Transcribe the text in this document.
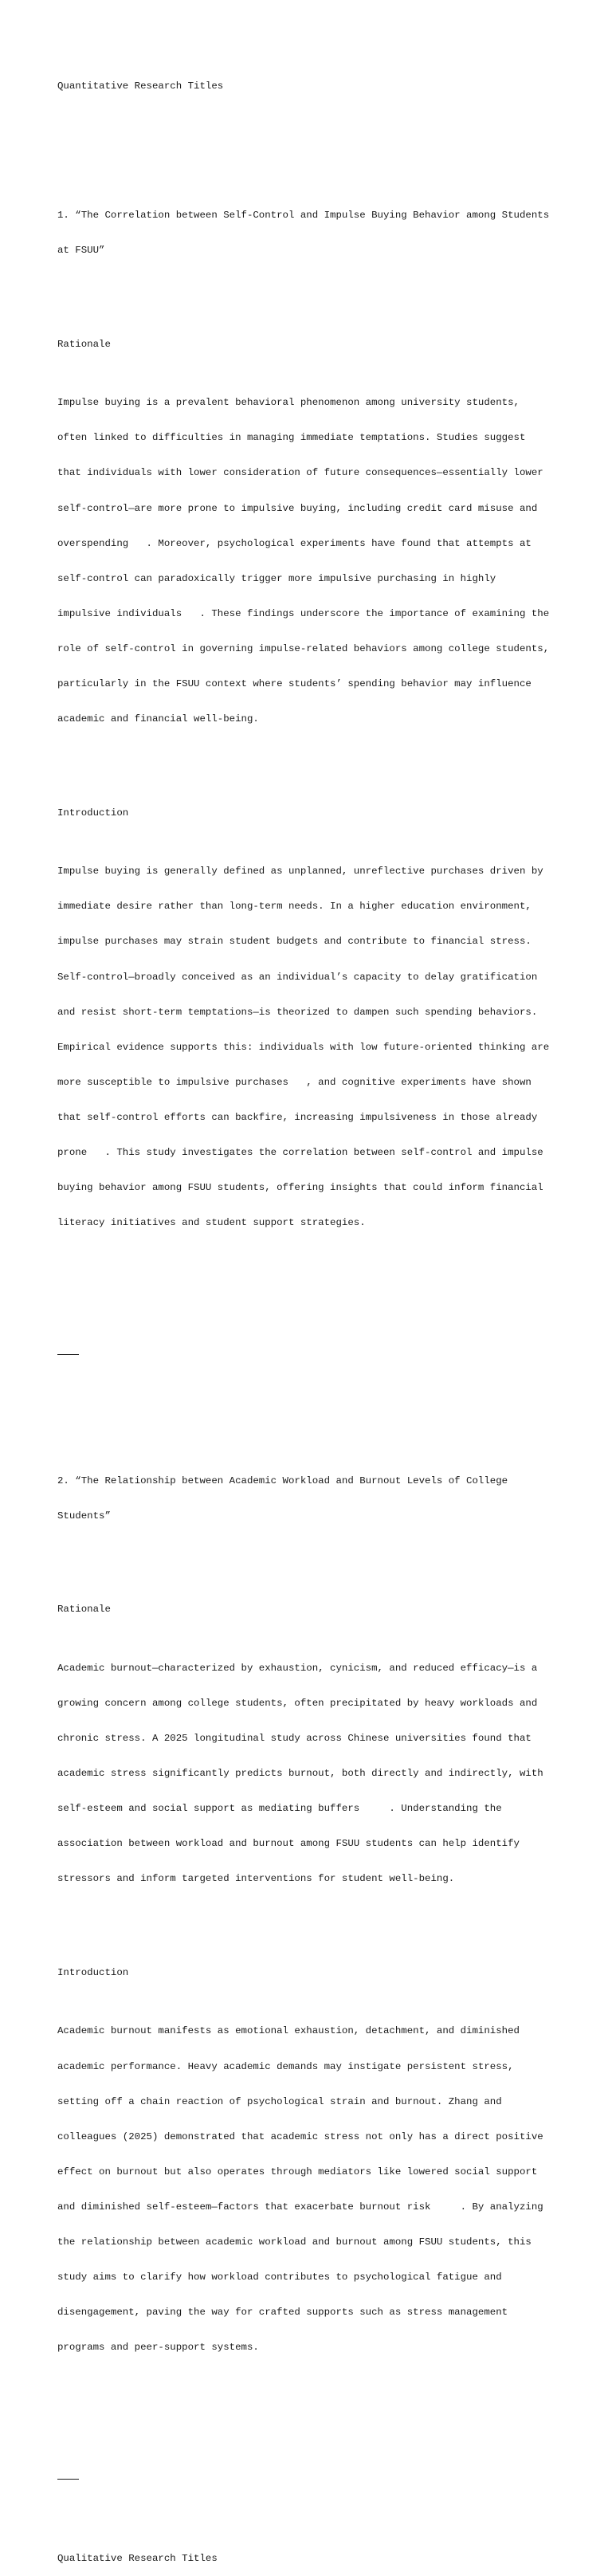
Quantitative Research Titles

1. “The Correlation between Self-Control and Impulse Buying Behavior among Students

at FSUU”

Rationale

Impulse buying is a prevalent behavioral phenomenon among university students,

often linked to difficulties in managing immediate temptations. Studies suggest

that individuals with lower consideration of future consequences—essentially lower

self-control—are more prone to impulsive buying, including credit card misuse and

overspending   . Moreover, psychological experiments have found that attempts at

self-control can paradoxically trigger more impulsive purchasing in highly

impulsive individuals   . These findings underscore the importance of examining the

role of self-control in governing impulse-related behaviors among college students,

particularly in the FSUU context where students’ spending behavior may influence

academic and financial well-being.

Introduction

Impulse buying is generally defined as unplanned, unreflective purchases driven by

immediate desire rather than long-term needs. In a higher education environment,

impulse purchases may strain student budgets and contribute to financial stress.

Self-control—broadly conceived as an individual’s capacity to delay gratification

and resist short-term temptations—is theorized to dampen such spending behaviors.

Empirical evidence supports this: individuals with low future-oriented thinking are

more susceptible to impulsive purchases   , and cognitive experiments have shown

that self-control efforts can backfire, increasing impulsiveness in those already

prone   . This study investigates the correlation between self-control and impulse

buying behavior among FSUU students, offering insights that could inform financial

literacy initiatives and student support strategies.

2. “The Relationship between Academic Workload and Burnout Levels of College

Students”

Rationale

Academic burnout—characterized by exhaustion, cynicism, and reduced efficacy—is a

growing concern among college students, often precipitated by heavy workloads and

chronic stress. A 2025 longitudinal study across Chinese universities found that

academic stress significantly predicts burnout, both directly and indirectly, with

self-esteem and social support as mediating buffers     . Understanding the

association between workload and burnout among FSUU students can help identify

stressors and inform targeted interventions for student well-being.

Introduction

Academic burnout manifests as emotional exhaustion, detachment, and diminished

academic performance. Heavy academic demands may instigate persistent stress,

setting off a chain reaction of psychological strain and burnout. Zhang and

colleagues (2025) demonstrated that academic stress not only has a direct positive

effect on burnout but also operates through mediators like lowered social support

and diminished self-esteem—factors that exacerbate burnout risk     . By analyzing

the relationship between academic workload and burnout among FSUU students, this

study aims to clarify how workload contributes to psychological fatigue and

disengagement, paving the way for crafted supports such as stress management

programs and peer-support systems.

Qualitative Research Titles
